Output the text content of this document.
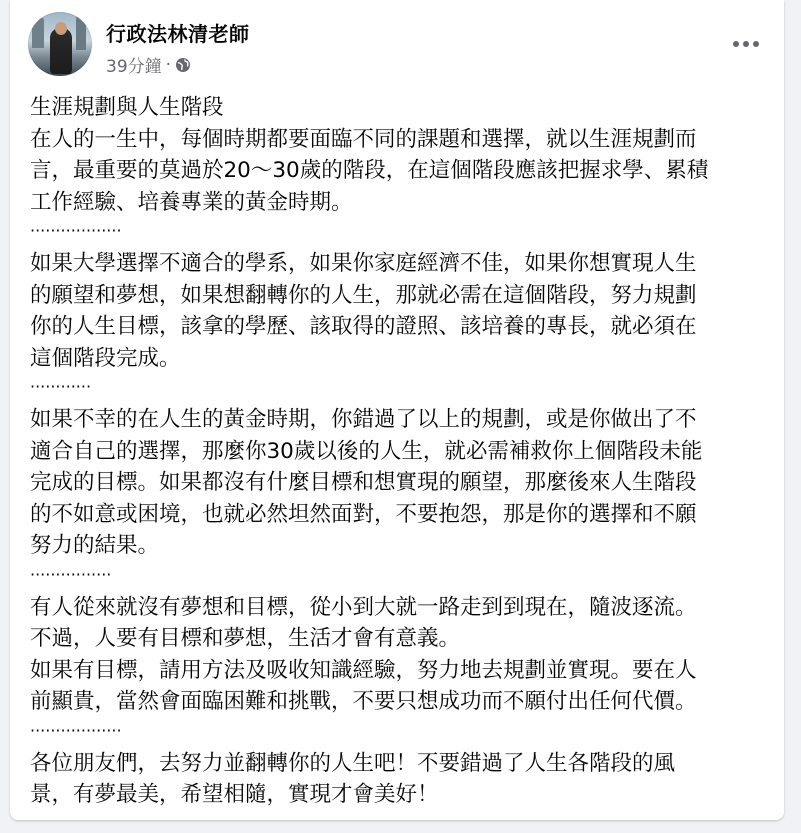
行政法林清老師
39分鐘 ·

生涯規劃與人生階段

在人的一生中，每個時期都要面臨不同的課題和選擇，就以生涯規劃而

言，最重要的莫過於20～30歲的階段，在這個階段應該把握求學、累積

工作經驗、培養專業的黃金時期。

··················

如果大學選擇不適合的學系，如果你家庭經濟不佳，如果你想實現人生

的願望和夢想，如果想翻轉你的人生，那就必需在這個階段，努力規劃

你的人生目標，該拿的學歷、該取得的證照、該培養的專長，就必須在

這個階段完成。

············

如果不幸的在人生的黃金時期，你錯過了以上的規劃，或是你做出了不

適合自己的選擇，那麼你30歲以後的人生，就必需補救你上個階段未能

完成的目標。如果都沒有什麼目標和想實現的願望，那麼後來人生階段

的不如意或困境，也就必然坦然面對，不要抱怨，那是你的選擇和不願

努力的結果。

················

有人從來就沒有夢想和目標，從小到大就一路走到到現在，隨波逐流。

不過，人要有目標和夢想，生活才會有意義。

如果有目標，請用方法及吸收知識經驗，努力地去規劃並實現。要在人

前顯貴，當然會面臨困難和挑戰，不要只想成功而不願付出任何代價。

··················

各位朋友們，去努力並翻轉你的人生吧！不要錯過了人生各階段的風

景，有夢最美，希望相隨，實現才會美好！
